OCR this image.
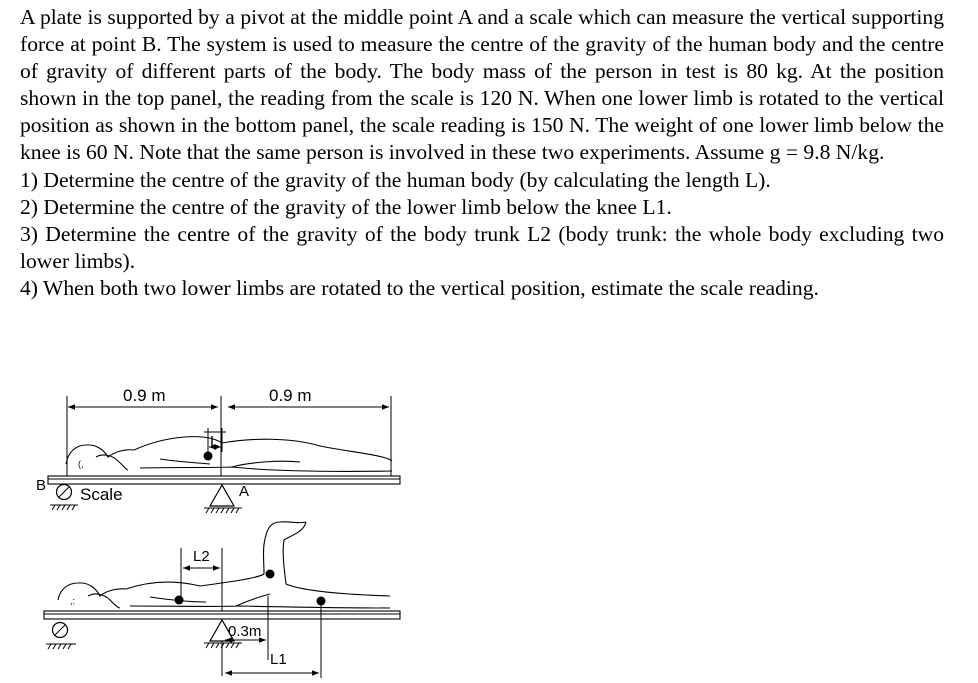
A plate is supported by a pivot at the middle point A and a scale which can measure the vertical supporting force at point B. The system is used to measure the centre of the gravity of the human body and the centre of gravity of different parts of the body. The body mass of the person in test is 80 kg. At the position shown in the top panel, the reading from the scale is 120 N. When one lower limb is rotated to the vertical position as shown in the bottom panel, the scale reading is 150 N. The weight of one lower limb below the knee is 60 N. Note that the same person is involved in these two experiments. Assume g = 9.8 N/kg.

1) Determine the centre of the gravity of the human body (by calculating the length L).

2) Determine the centre of the gravity of the lower limb below the knee L1.

3) Determine the centre of the gravity of the body trunk L2 (body trunk: the whole body excluding two lower limbs).

4) When both two lower limbs are rotated to the vertical position, estimate the scale reading.

0.9 m	0.9 m
(,
L
B Scale	A
L2
,:
0.3m
L1
